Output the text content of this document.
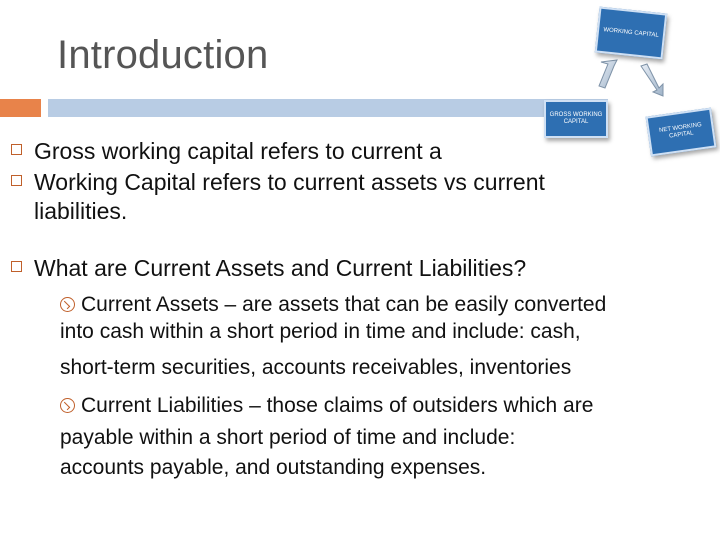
Introduction
Gross working capital refers to current a
Working Capital refers to current assets vs current
liabilities.
What are Current Assets and Current Liabilities?
Current Assets – are assets that can be easily converted
into cash within a short period in time and include: cash,
short-term securities, accounts receivables, inventories
Current Liabilities – those claims of outsiders which are
payable within a short period of time and include:
accounts payable, and outstanding expenses.
WORKING CAPITAL
GROSS WORKING CAPITAL
NET WORKING CAPITAL
